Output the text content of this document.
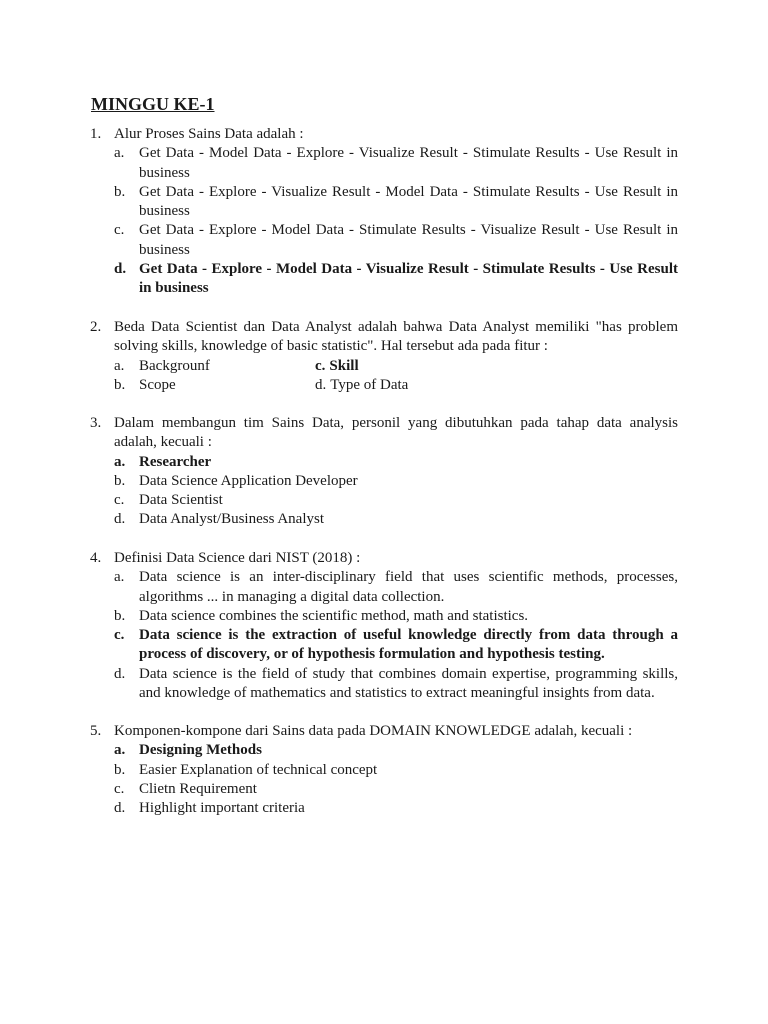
MINGGU KE-1
1. Alur Proses Sains Data adalah :
a. Get Data - Model Data - Explore - Visualize Result - Stimulate Results - Use Result in business
b. Get Data - Explore - Visualize Result - Model Data - Stimulate Results - Use Result in business
c. Get Data - Explore - Model Data - Stimulate Results - Visualize Result - Use Result in business
d. Get Data - Explore - Model Data - Visualize Result - Stimulate Results - Use Result in business
2. Beda Data Scientist dan Data Analyst adalah bahwa Data Analyst memiliki "has problem solving skills, knowledge of basic statistic". Hal tersebut ada pada fitur :
a. Backgrounf	c. Skill
b. Scope	d. Type of Data
3. Dalam membangun tim Sains Data, personil yang dibutuhkan pada tahap data analysis adalah, kecuali :
a. Researcher
b. Data Science Application Developer
c. Data Scientist
d. Data Analyst/Business Analyst
4. Definisi Data Science dari NIST (2018) :
a. Data science is an inter-disciplinary field that uses scientific methods, processes, algorithms ... in managing a digital data collection.
b. Data science combines the scientific method, math and statistics.
c. Data science is the extraction of useful knowledge directly from data through a process of discovery, or of hypothesis formulation and hypothesis testing.
d. Data science is the field of study that combines domain expertise, programming skills, and knowledge of mathematics and statistics to extract meaningful insights from data.
5. Komponen-kompone dari Sains data pada DOMAIN KNOWLEDGE adalah, kecuali :
a. Designing Methods
b. Easier Explanation of technical concept
c. Clietn Requirement
d. Highlight important criteria
